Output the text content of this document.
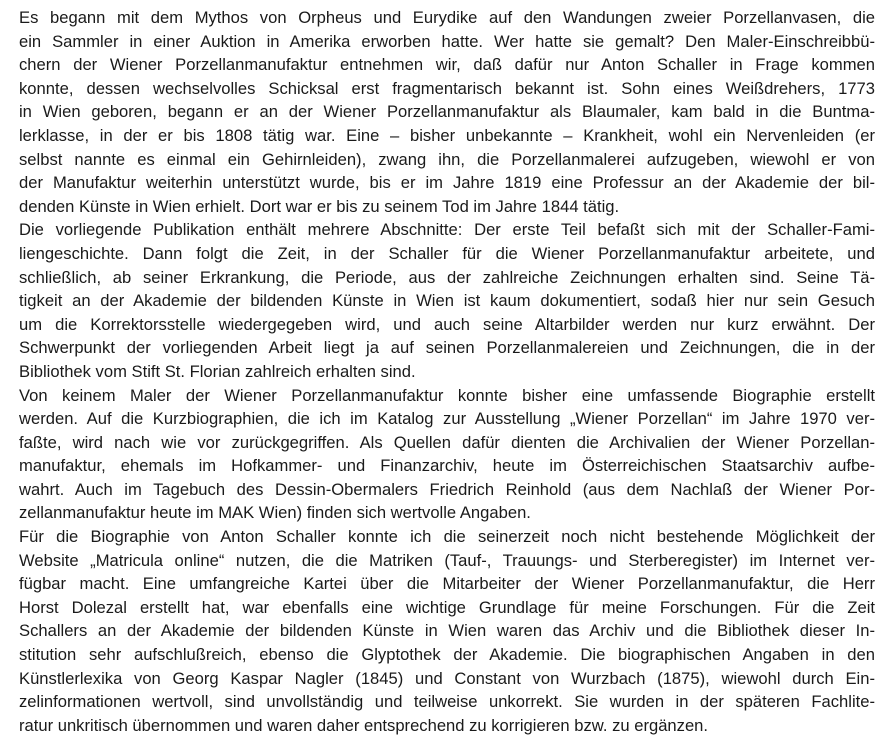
Es begann mit dem Mythos von Orpheus und Eurydike auf den Wandungen zweier Porzellanvasen, die
ein Sammler in einer Auktion in Amerika erworben hatte. Wer hatte sie gemalt? Den Maler-Einschreibbü-
chern der Wiener Porzellanmanufaktur entnehmen wir, daß dafür nur Anton Schaller in Frage kommen
konnte, dessen wechselvolles Schicksal erst fragmentarisch bekannt ist. Sohn eines Weißdrehers, 1773
in Wien geboren, begann er an der Wiener Porzellanmanufaktur als Blaumaler, kam bald in die Buntma-
lerklasse, in der er bis 1808 tätig war. Eine – bisher unbekannte – Krankheit, wohl ein Nervenleiden (er
selbst nannte es einmal ein Gehirnleiden), zwang ihn, die Porzellanmalerei aufzugeben, wiewohl er von
der Manufaktur weiterhin unterstützt wurde, bis er im Jahre 1819 eine Professur an der Akademie der bil-
denden Künste in Wien erhielt. Dort war er bis zu seinem Tod im Jahre 1844 tätig.
Die vorliegende Publikation enthält mehrere Abschnitte: Der erste Teil befaßt sich mit der Schaller-Fami-
liengeschichte. Dann folgt die Zeit, in der Schaller für die Wiener Porzellanmanufaktur arbeitete, und
schließlich, ab seiner Erkrankung, die Periode, aus der zahlreiche Zeichnungen erhalten sind. Seine Tä-
tigkeit an der Akademie der bildenden Künste in Wien ist kaum dokumentiert, sodaß hier nur sein Gesuch
um die Korrektorsstelle wiedergegeben wird, und auch seine Altarbilder werden nur kurz erwähnt. Der
Schwerpunkt der vorliegenden Arbeit liegt ja auf seinen Porzellanmalereien und Zeichnungen, die in der
Bibliothek vom Stift St. Florian zahlreich erhalten sind.
Von keinem Maler der Wiener Porzellanmanufaktur konnte bisher eine umfassende Biographie erstellt
werden. Auf die Kurzbiographien, die ich im Katalog zur Ausstellung „Wiener Porzellan“ im Jahre 1970 ver-
faßte, wird nach wie vor zurückgegriffen. Als Quellen dafür dienten die Archivalien der Wiener Porzellan-
manufaktur, ehemals im Hofkammer- und Finanzarchiv, heute im Österreichischen Staatsarchiv aufbe-
wahrt. Auch im Tagebuch des Dessin-Obermalers Friedrich Reinhold (aus dem Nachlaß der Wiener Por-
zellanmanufaktur heute im MAK Wien) finden sich wertvolle Angaben.
Für die Biographie von Anton Schaller konnte ich die seinerzeit noch nicht bestehende Möglichkeit der
Website „Matricula online“ nutzen, die die Matriken (Tauf-, Trauungs- und Sterberegister) im Internet ver-
fügbar macht. Eine umfangreiche Kartei über die Mitarbeiter der Wiener Porzellanmanufaktur, die Herr
Horst Dolezal erstellt hat, war ebenfalls eine wichtige Grundlage für meine Forschungen. Für die Zeit
Schallers an der Akademie der bildenden Künste in Wien waren das Archiv und die Bibliothek dieser In-
stitution sehr aufschlußreich, ebenso die Glyptothek der Akademie. Die biographischen Angaben in den
Künstlerlexika von Georg Kaspar Nagler (1845) und Constant von Wurzbach (1875), wiewohl durch Ein-
zelinformationen wertvoll, sind unvollständig und teilweise unkorrekt. Sie wurden in der späteren Fachlite-
ratur unkritisch übernommen und waren daher entsprechend zu korrigieren bzw. zu ergänzen.
